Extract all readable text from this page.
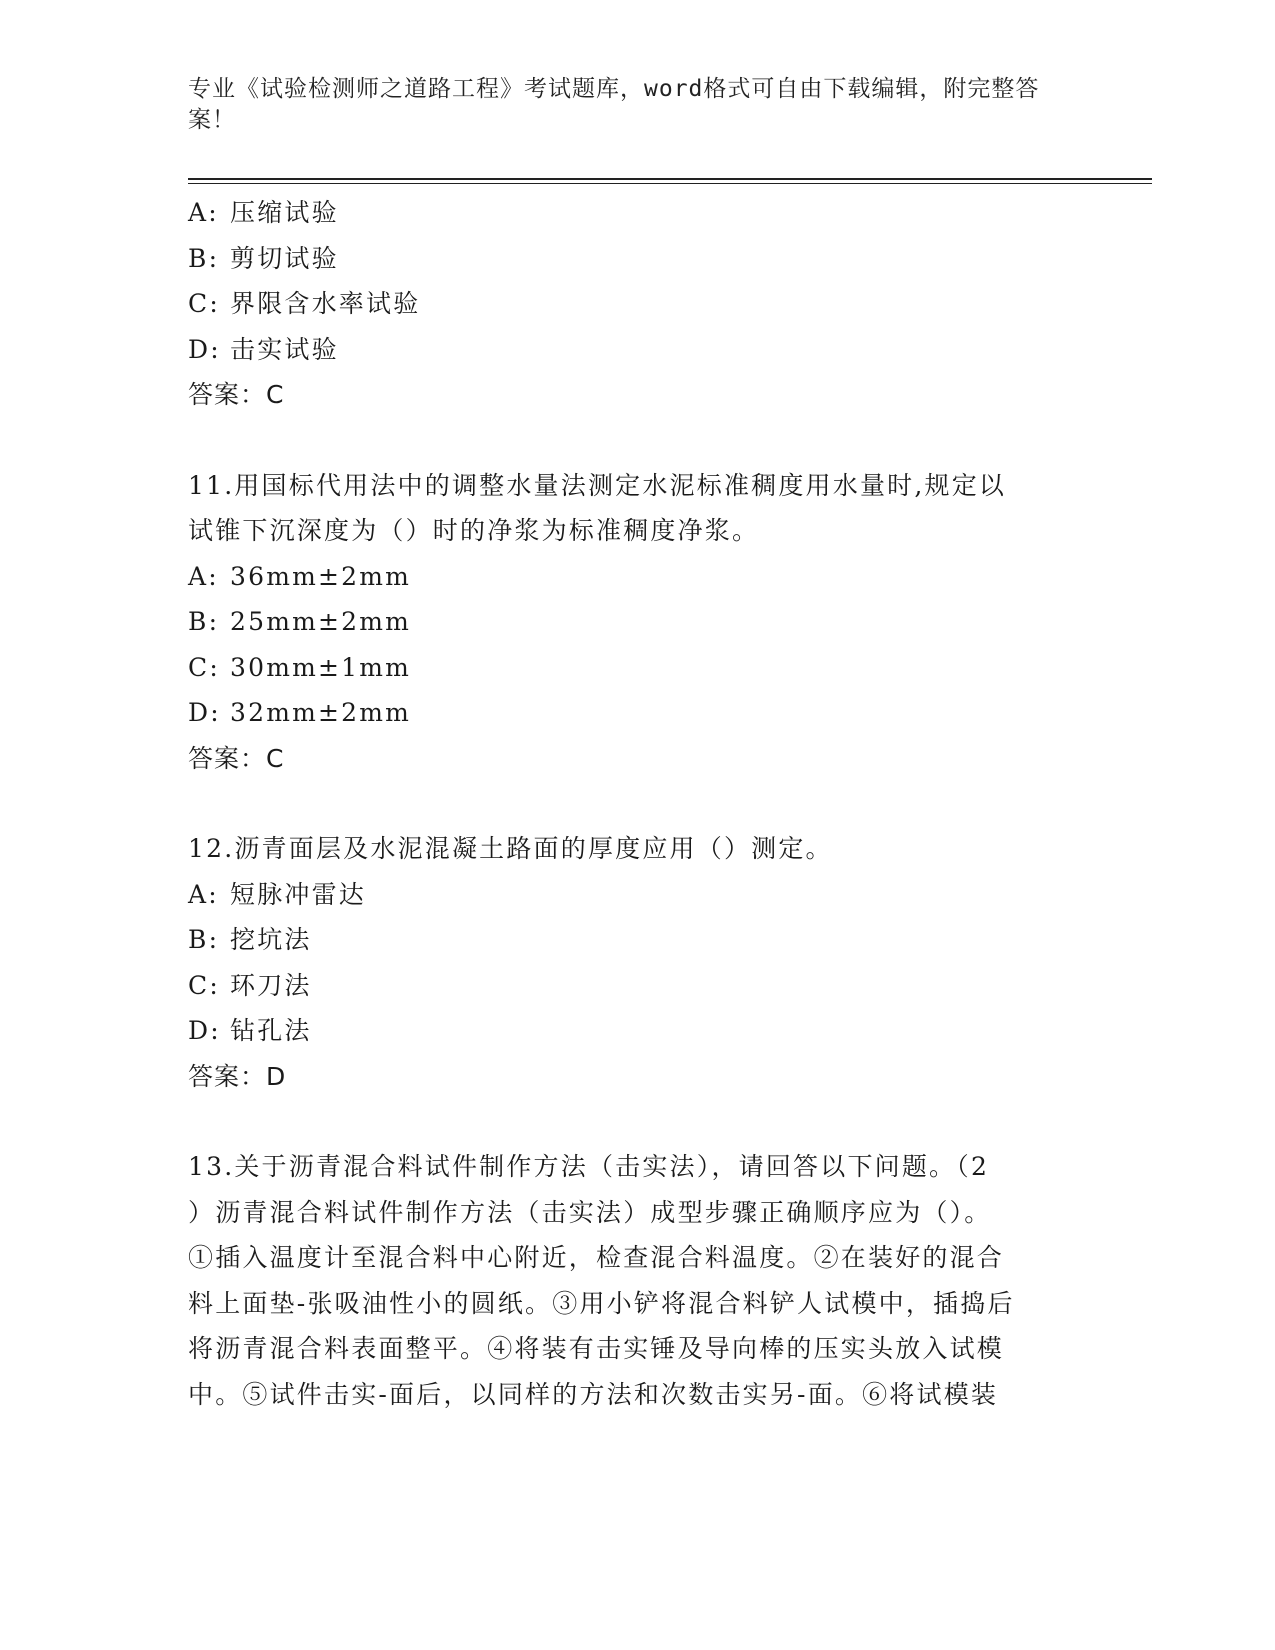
专业《试验检测师之道路工程》考试题库，word格式可自由下载编辑，附完整答案！
A: 压缩试验
B: 剪切试验
C: 界限含水率试验
D: 击实试验
答案：C
11.用国标代用法中的调整水量法测定水泥标准稠度用水量时,规定以
试锥下沉深度为（）时的净浆为标准稠度净浆。
A: 36mm±2mm
B: 25mm±2mm
C: 30mm±1mm
D: 32mm±2mm
答案：C
12.沥青面层及水泥混凝土路面的厚度应用（）测定。
A: 短脉冲雷达
B: 挖坑法
C: 环刀法
D: 钻孔法
答案：D
13.关于沥青混合料试件制作方法（击实法），请回答以下问题。（2
）沥青混合料试件制作方法（击实法）成型步骤正确顺序应为（）。
①插入温度计至混合料中心附近，检查混合料温度。②在装好的混合
料上面垫-张吸油性小的圆纸。③用小铲将混合料铲人试模中，插捣后
将沥青混合料表面整平。④将装有击实锤及导向棒的压实头放入试模
中。⑤试件击实-面后，以同样的方法和次数击实另-面。⑥将试模装
